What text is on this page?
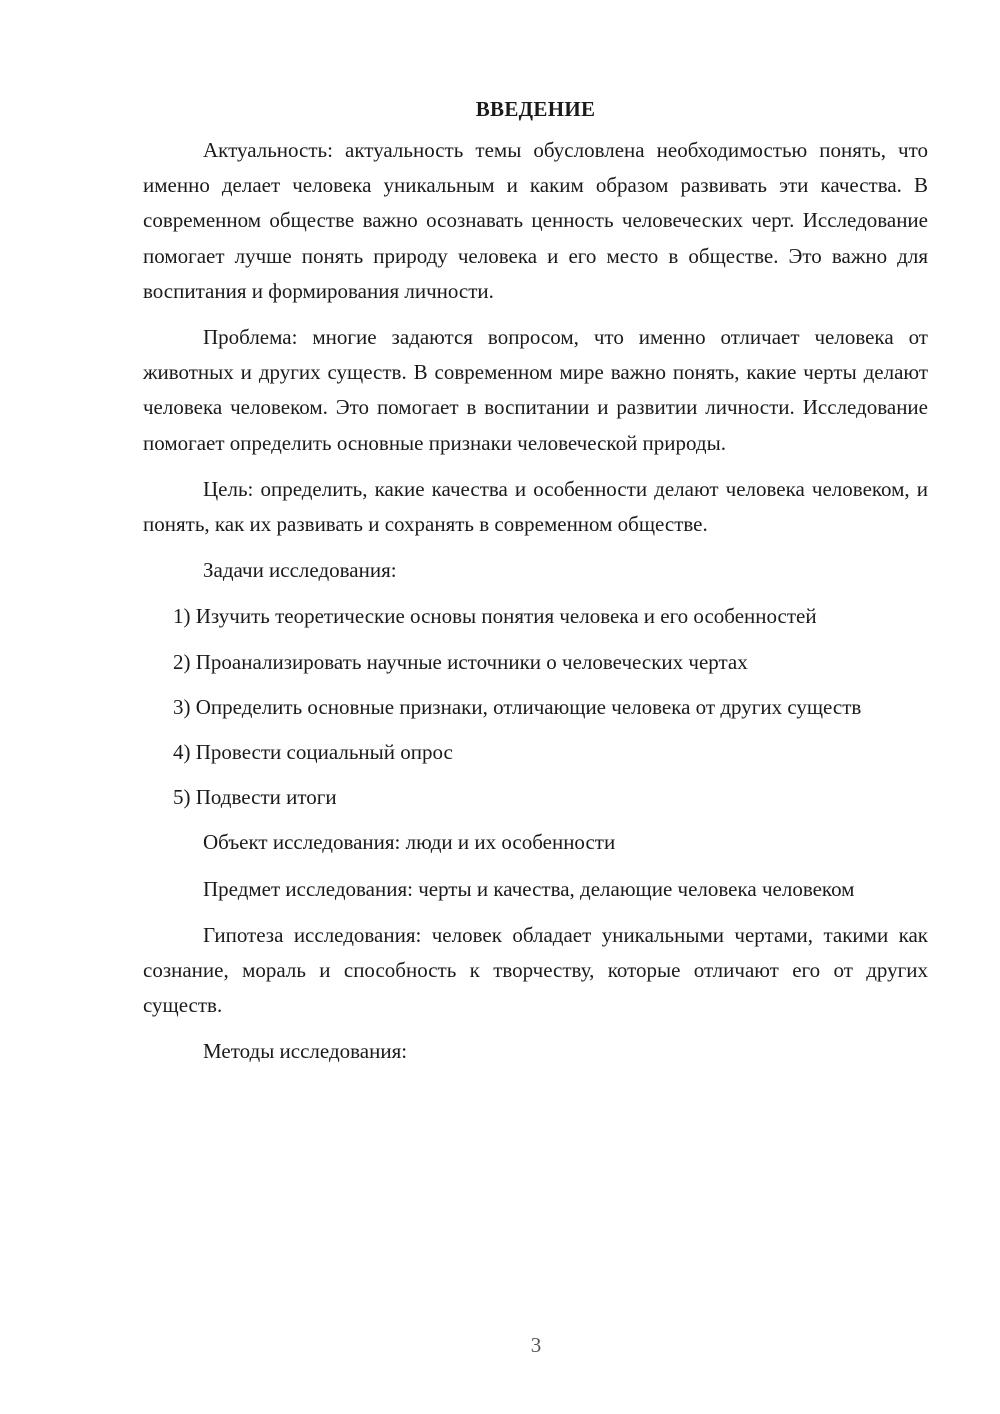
ВВЕДЕНИЕ

Актуальность: актуальность темы обусловлена необходимостью понять, что именно делает человека уникальным и каким образом развивать эти качества. В современном обществе важно осознавать ценность человеческих черт. Исследование помогает лучше понять природу человека и его место в обществе. Это важно для воспитания и формирования личности.

Проблема: многие задаются вопросом, что именно отличает человека от животных и других существ. В современном мире важно понять, какие черты делают человека человеком. Это помогает в воспитании и развитии личности. Исследование помогает определить основные признаки человеческой природы.

Цель: определить, какие качества и особенности делают человека человеком, и понять, как их развивать и сохранять в современном обществе.

Задачи исследования:

1) Изучить теоретические основы понятия человека и его особенностей

2) Проанализировать научные источники о человеческих чертах

3) Определить основные признаки, отличающие человека от других существ

4) Провести социальный опрос

5) Подвести итоги

Объект исследования: люди и их особенности

Предмет исследования: черты и качества, делающие человека человеком

Гипотеза исследования: человек обладает уникальными чертами, такими как сознание, мораль и способность к творчеству, которые отличают его от других существ.

Методы исследования:

3
